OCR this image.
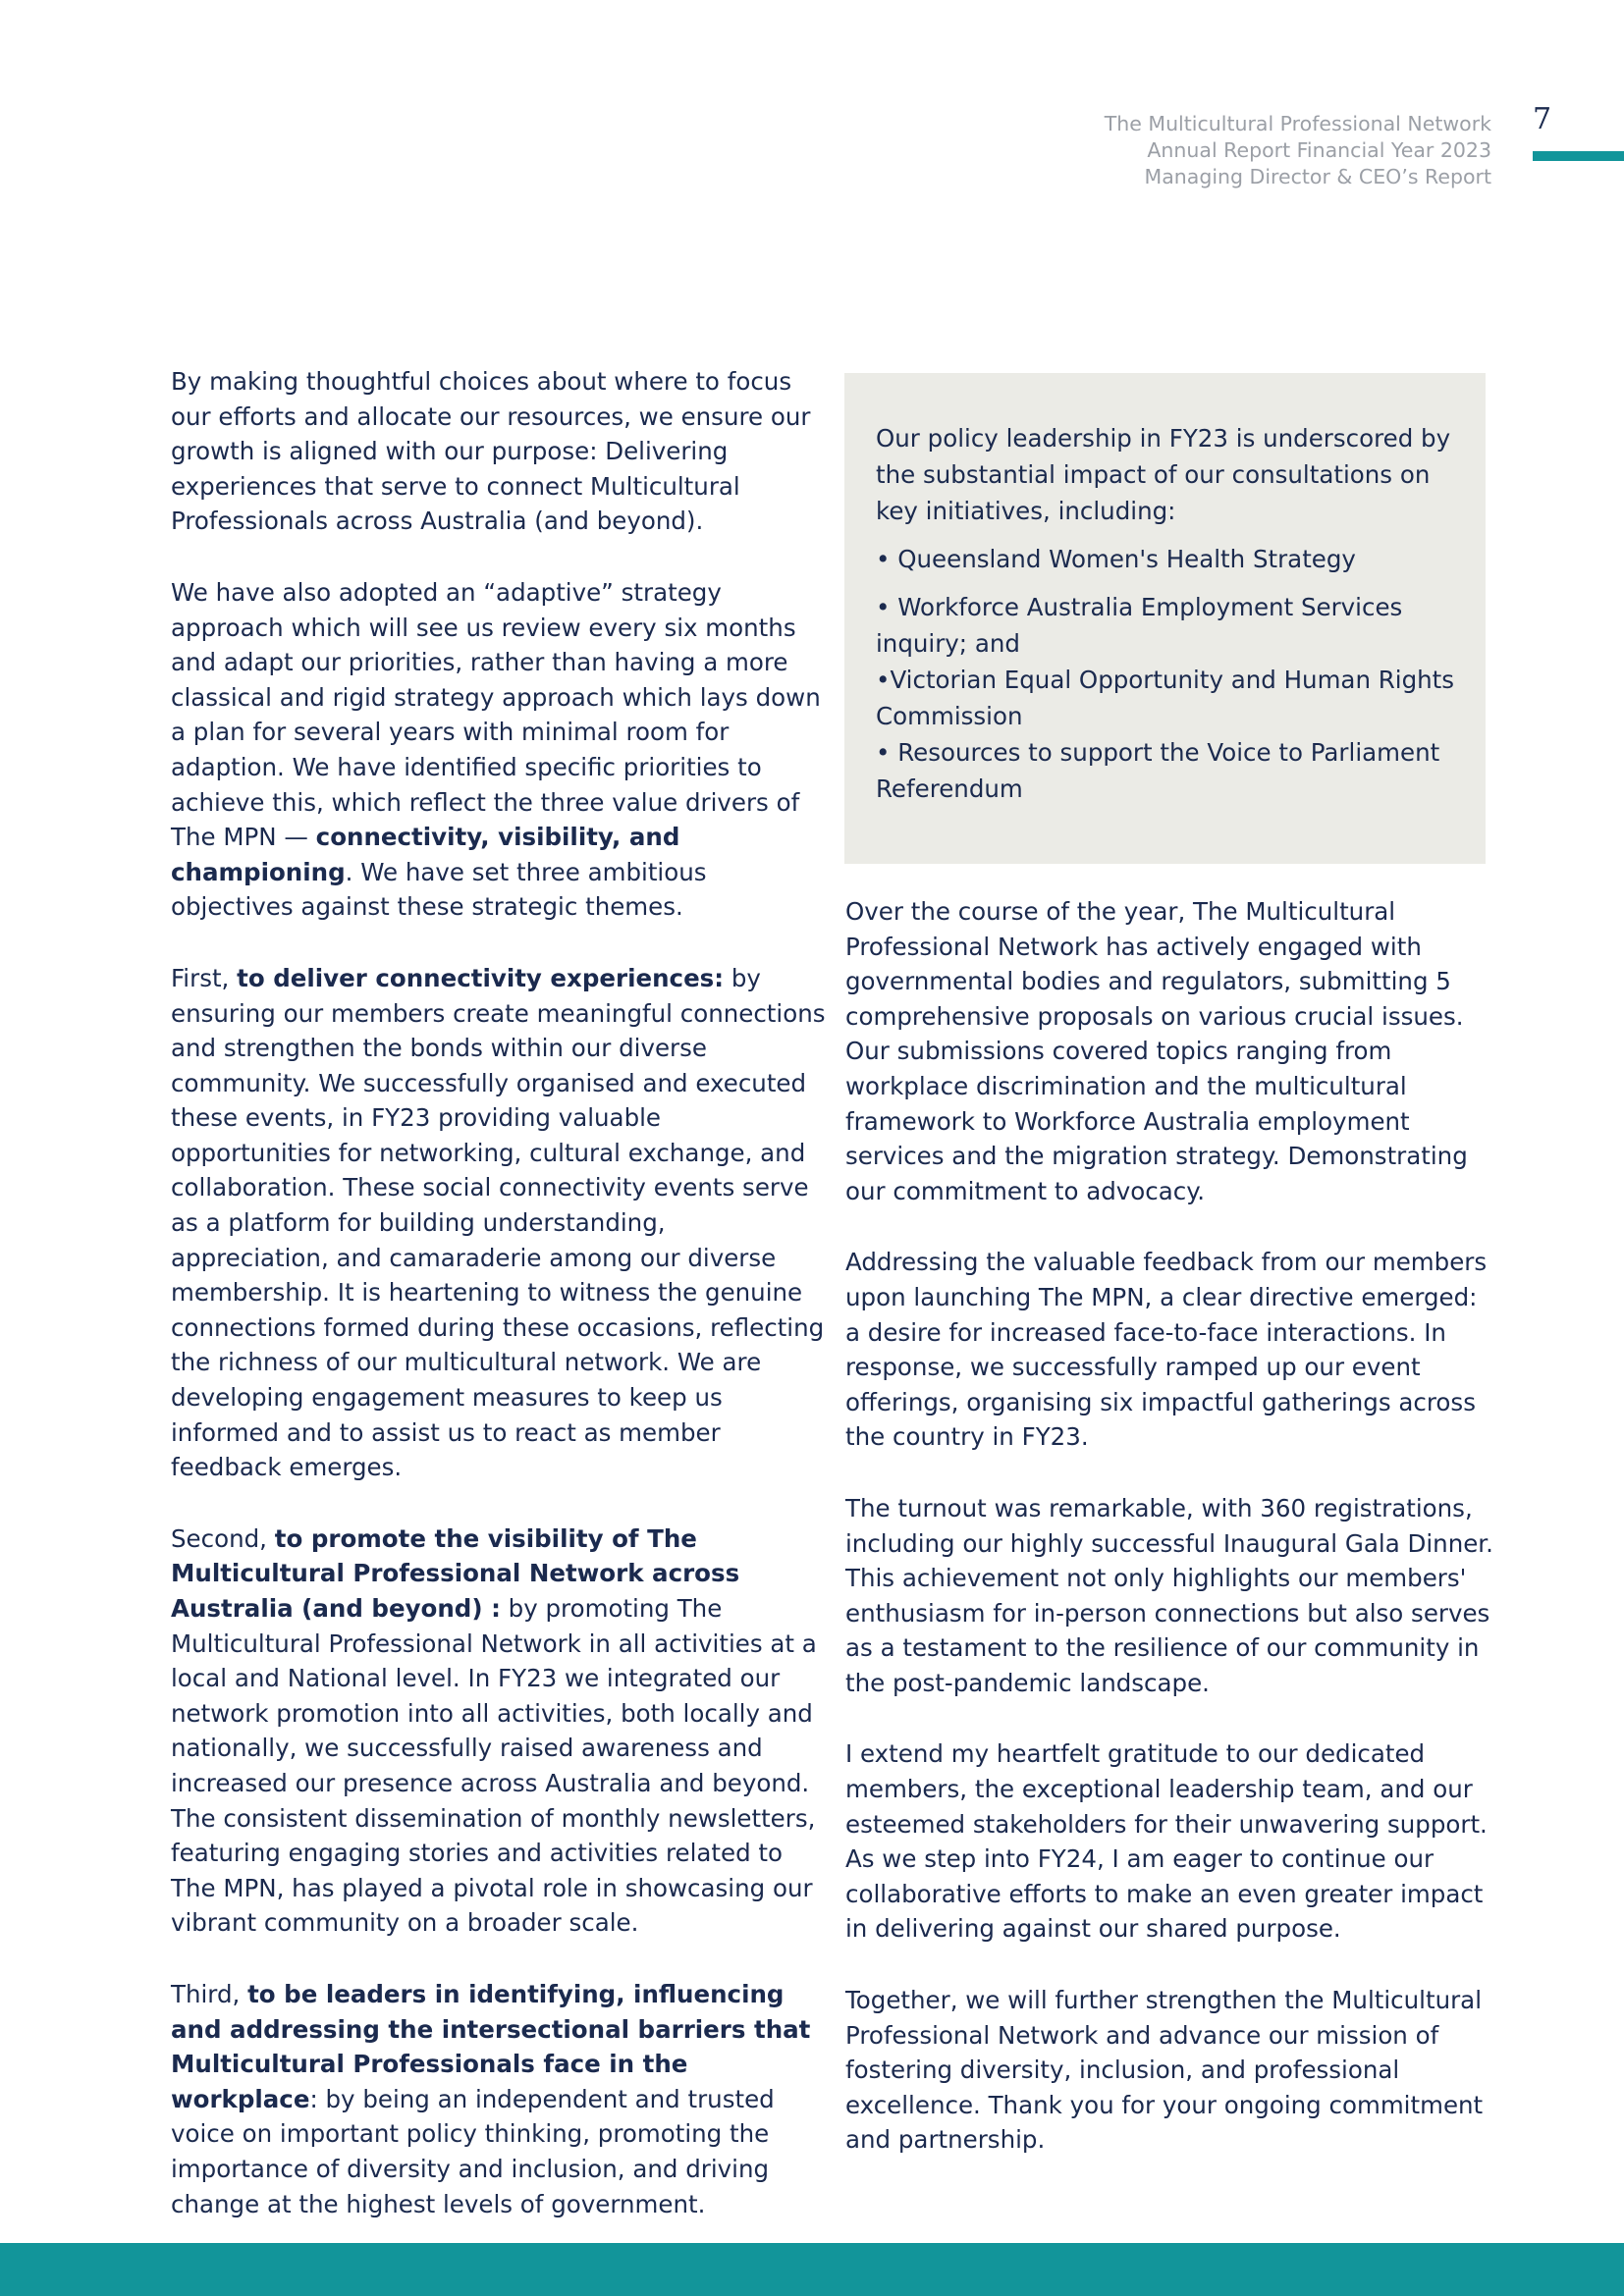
The Multicultural Professional Network
Annual Report Financial Year 2023
Managing Director & CEO’s Report
7

By making thoughtful choices about where to focus our efforts and allocate our resources, we ensure our growth is aligned with our purpose: Delivering experiences that serve to connect Multicultural Professionals across Australia (and beyond).

We have also adopted an “adaptive” strategy approach which will see us review every six months and adapt our priorities, rather than having a more classical and rigid strategy approach which lays down a plan for several years with minimal room for adaption. We have identified specific priorities to achieve this, which reflect the three value drivers of The MPN — connectivity, visibility, and championing. We have set three ambitious objectives against these strategic themes.

First, to deliver connectivity experiences: by ensuring our members create meaningful connections and strengthen the bonds within our diverse community. We successfully organised and executed these events, in FY23 providing valuable opportunities for networking, cultural exchange, and collaboration. These social connectivity events serve as a platform for building understanding, appreciation, and camaraderie among our diverse membership. It is heartening to witness the genuine connections formed during these occasions, reflecting the richness of our multicultural network. We are developing engagement measures to keep us informed and to assist us to react as member feedback emerges.

Second, to promote the visibility of The Multicultural Professional Network across Australia (and beyond) : by promoting The Multicultural Professional Network in all activities at a local and National level. In FY23 we integrated our network promotion into all activities, both locally and nationally, we successfully raised awareness and increased our presence across Australia and beyond. The consistent dissemination of monthly newsletters, featuring engaging stories and activities related to The MPN, has played a pivotal role in showcasing our vibrant community on a broader scale.

Third, to be leaders in identifying, influencing and addressing the intersectional barriers that Multicultural Professionals face in the workplace: by being an independent and trusted voice on important policy thinking, promoting the importance of diversity and inclusion, and driving change at the highest levels of government.

Our policy leadership in FY23 is underscored by the substantial impact of our consultations on key initiatives, including:

• Queensland Women's Health Strategy
• Workforce Australia Employment Services inquiry; and
•Victorian Equal Opportunity and Human Rights Commission
• Resources to support the Voice to Parliament Referendum

Over the course of the year, The Multicultural Professional Network has actively engaged with governmental bodies and regulators, submitting 5 comprehensive proposals on various crucial issues. Our submissions covered topics ranging from workplace discrimination and the multicultural framework to Workforce Australia employment services and the migration strategy. Demonstrating our commitment to advocacy.

Addressing the valuable feedback from our members upon launching The MPN, a clear directive emerged: a desire for increased face-to-face interactions. In response, we successfully ramped up our event offerings, organising six impactful gatherings across the country in FY23.

The turnout was remarkable, with 360 registrations, including our highly successful Inaugural Gala Dinner. This achievement not only highlights our members' enthusiasm for in-person connections but also serves as a testament to the resilience of our community in the post-pandemic landscape.

I extend my heartfelt gratitude to our dedicated members, the exceptional leadership team, and our esteemed stakeholders for their unwavering support. As we step into FY24, I am eager to continue our collaborative efforts to make an even greater impact in delivering against our shared purpose.

Together, we will further strengthen the Multicultural Professional Network and advance our mission of fostering diversity, inclusion, and professional excellence. Thank you for your ongoing commitment and partnership.
